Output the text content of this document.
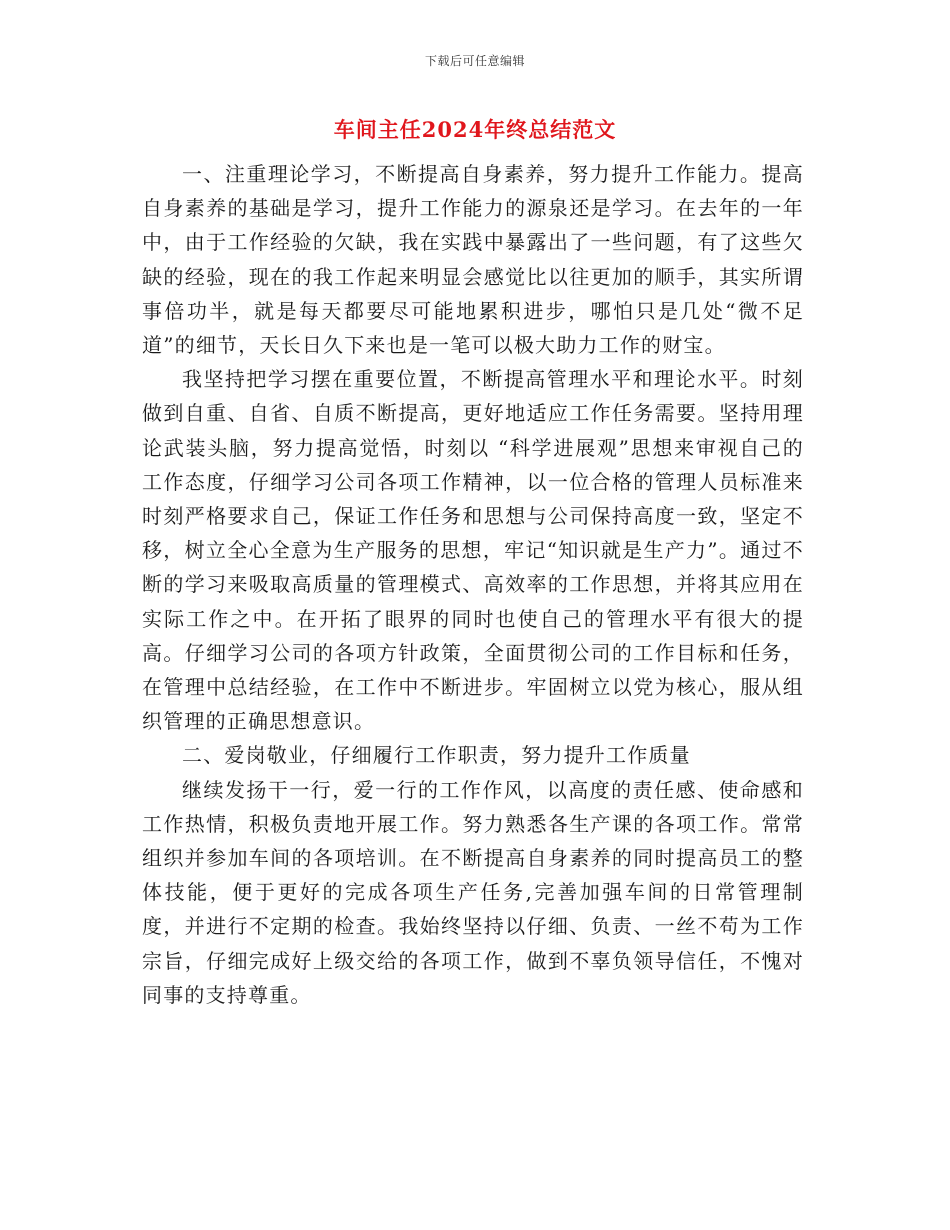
下载后可任意编辑
车间主任2024年终总结范文

一、注重理论学习，不断提高自身素养，努力提升工作能力。提高自身素养的基础是学习，提升工作能力的源泉还是学习。在去年的一年中，由于工作经验的欠缺，我在实践中暴露出了一些问题，有了这些欠缺的经验，现在的我工作起来明显会感觉比以往更加的顺手，其实所谓事倍功半，就是每天都要尽可能地累积进步，哪怕只是几处“微不足道”的细节，天长日久下来也是一笔可以极大助力工作的财宝。

我坚持把学习摆在重要位置，不断提高管理水平和理论水平。时刻做到自重、自省、自质不断提高，更好地适应工作任务需要。坚持用理论武装头脑，努力提高觉悟，时刻以 “科学进展观”思想来审视自己的工作态度，仔细学习公司各项工作精神，以一位合格的管理人员标准来时刻严格要求自己，保证工作任务和思想与公司保持高度一致，坚定不移，树立全心全意为生产服务的思想，牢记“知识就是生产力”。通过不断的学习来吸取高质量的管理模式、高效率的工作思想，并将其应用在实际工作之中。在开拓了眼界的同时也使自己的管理水平有很大的提高。仔细学习公司的各项方针政策，全面贯彻公司的工作目标和任务，在管理中总结经验，在工作中不断进步。牢固树立以党为核心，服从组织管理的正确思想意识。

二、爱岗敬业，仔细履行工作职责，努力提升工作质量

继续发扬干一行，爱一行的工作作风，以高度的责任感、使命感和工作热情，积极负责地开展工作。努力熟悉各生产课的各项工作。常常组织并参加车间的各项培训。在不断提高自身素养的同时提高员工的整体技能，便于更好的完成各项生产任务,完善加强车间的日常管理制度，并进行不定期的检查。我始终坚持以仔细、负责、一丝不苟为工作宗旨，仔细完成好上级交给的各项工作，做到不辜负领导信任，不愧对同事的支持尊重。
